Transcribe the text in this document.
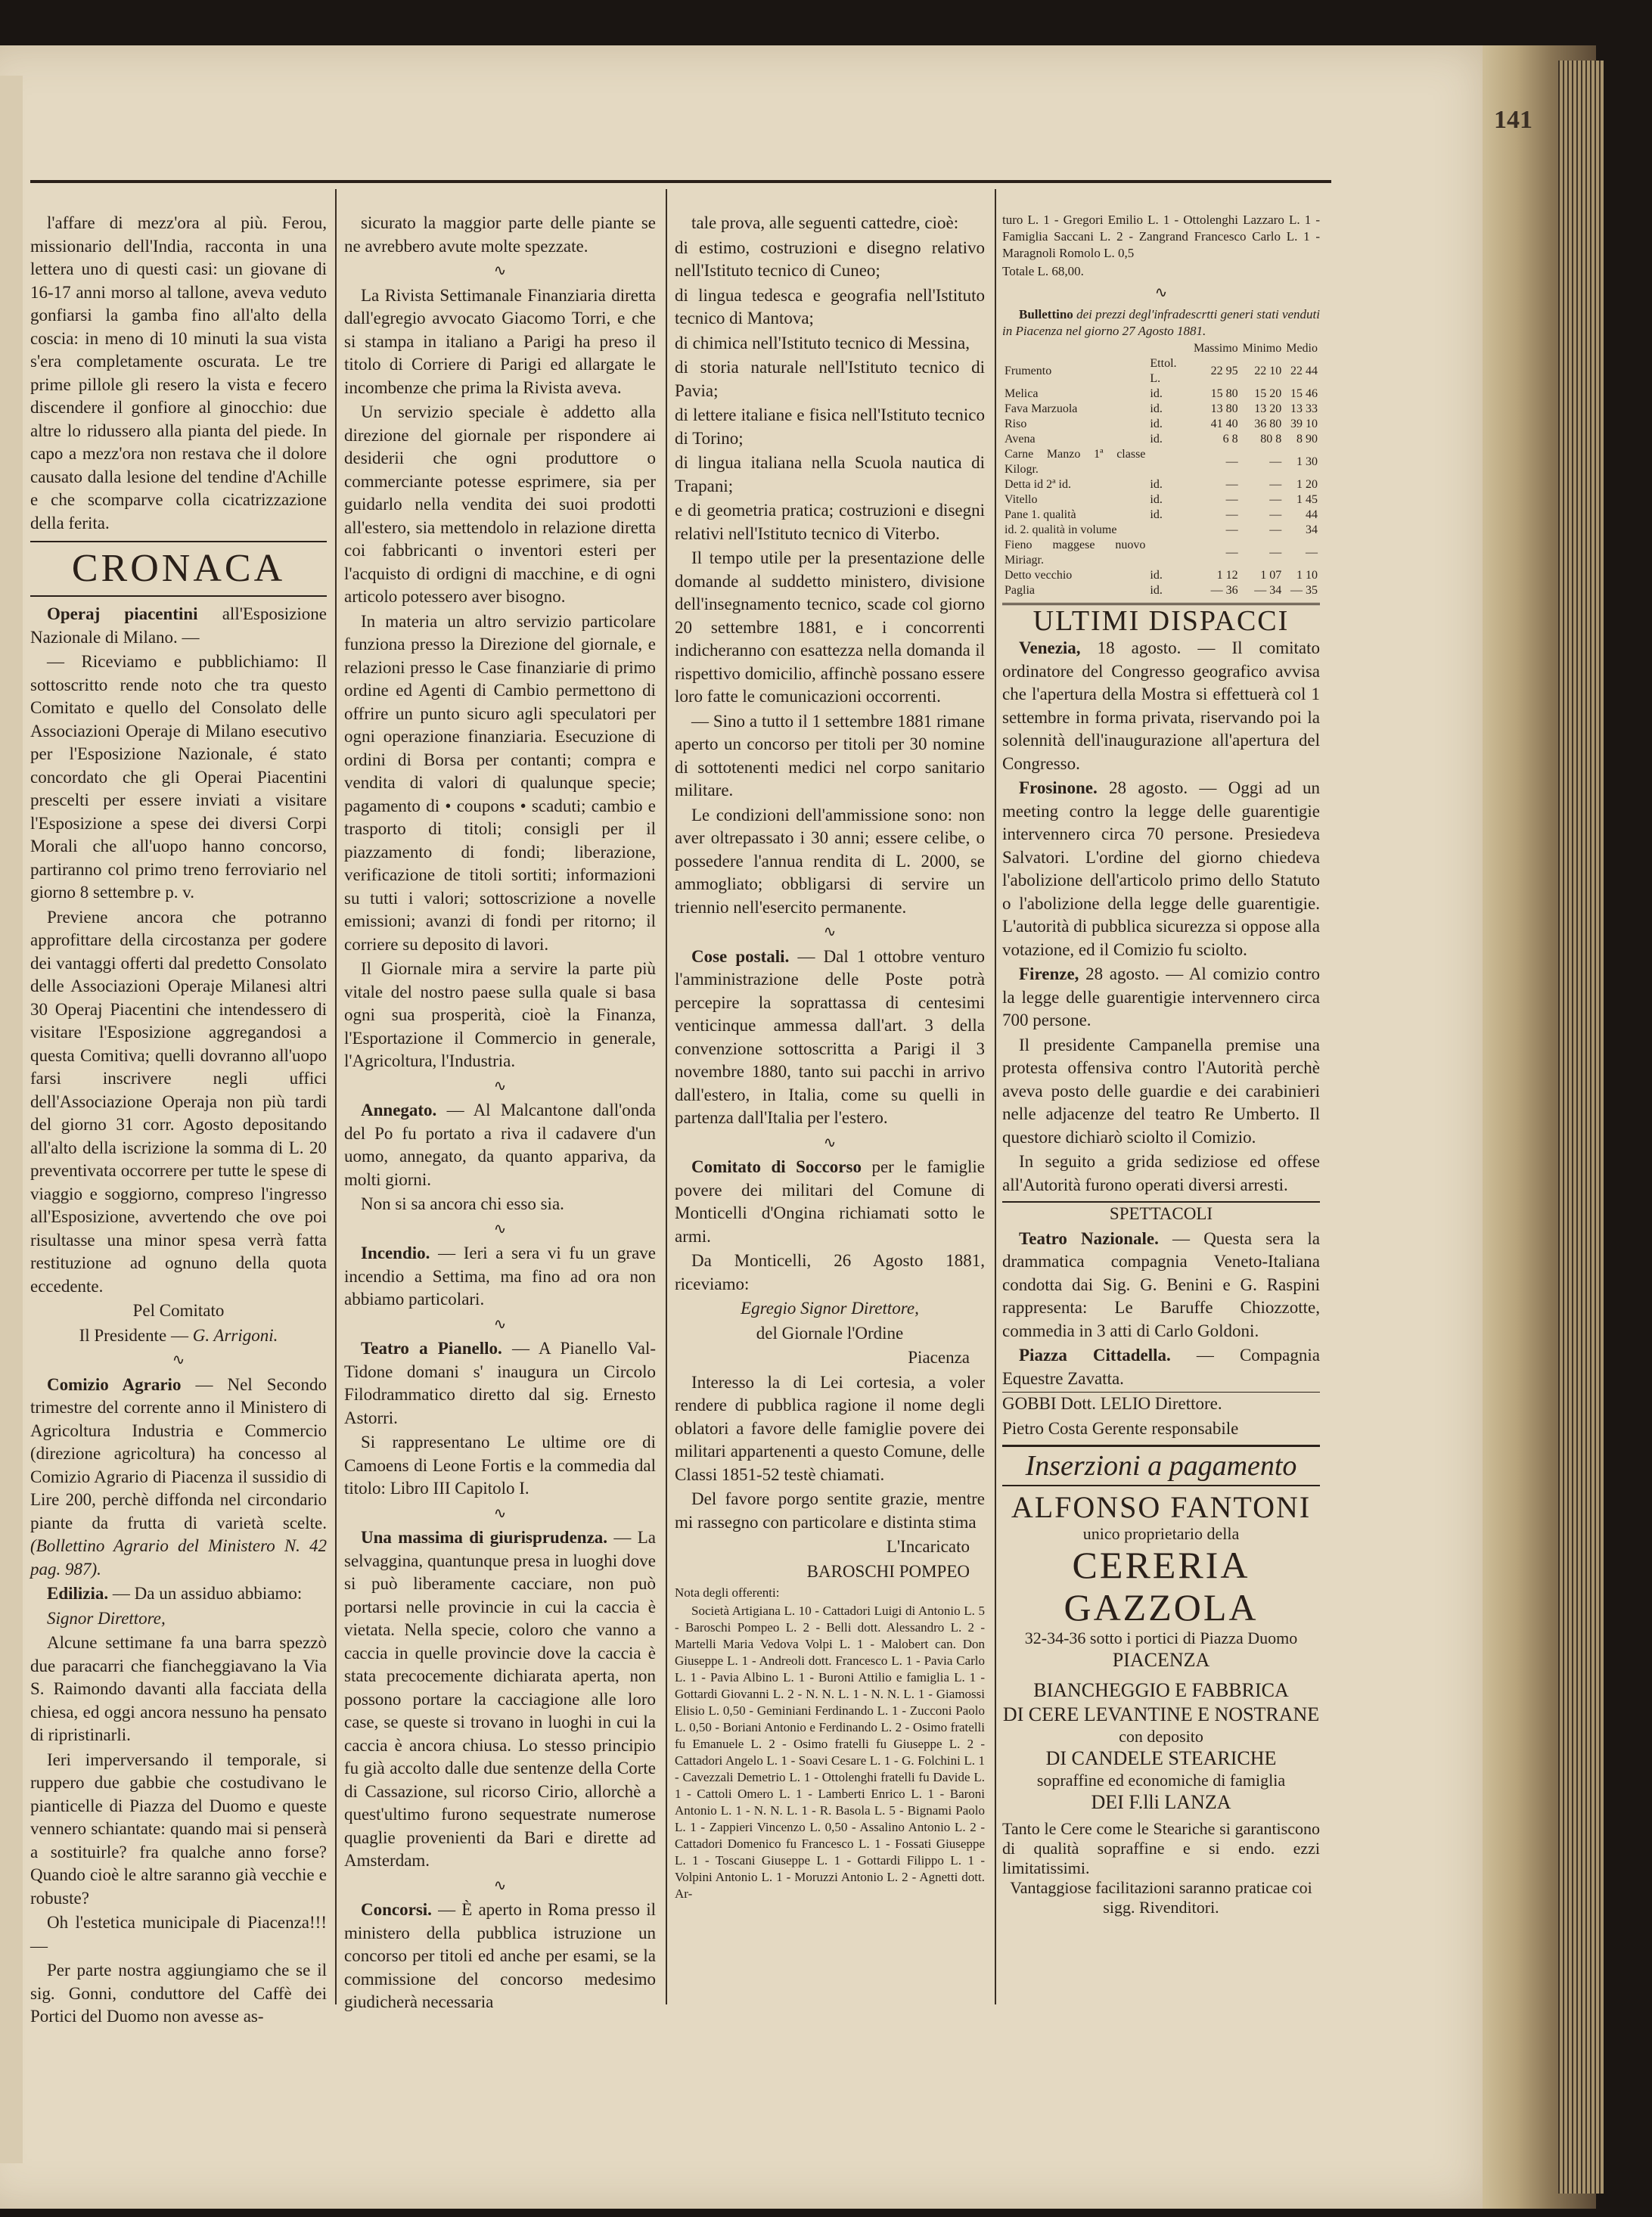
141

l'affare di mezz'ora al più. Ferou, missionario dell'India, racconta in una lettera uno di questi casi: un giovane di 16-17 anni morso al tallone, aveva veduto gonfiarsi la gamba fino all'alto della coscia: in meno di 10 minuti la sua vista s'era completamente oscurata. Le tre prime pillole gli resero la vista e fecero discendere il gonfiore al ginocchio: due altre lo ridussero alla pianta del piede. In capo a mezz'ora non restava che il dolore causato dalla lesione del tendine d'Achille e che scomparve colla cicatrizzazione della ferita.

CRONACA

Operaj piacentini all'Esposizione Nazionale di Milano. —

— Riceviamo e pubblichiamo: Il sottoscritto rende noto che tra questo Comitato e quello del Consolato delle Associazioni Operaje di Milano esecutivo per l'Esposizione Nazionale, é stato concordato che gli Operai Piacentini prescelti per essere inviati a visitare l'Esposizione a spese dei diversi Corpi Morali che all'uopo hanno concorso, partiranno col primo treno ferroviario nel giorno 8 settembre p. v.

Previene ancora che potranno approfittare della circostanza per godere dei vantaggi offerti dal predetto Consolato delle Associazioni Operaje Milanesi altri 30 Operaj Piacentini che intendessero di visitare l'Esposizione aggregandosi a questa Comitiva; quelli dovranno all'uopo farsi inscrivere negli uffici dell'Associazione Operaja non più tardi del giorno 31 corr. Agosto depositando all'alto della iscrizione la somma di L. 20 preventivata occorrere per tutte le spese di viaggio e soggiorno, compreso l'ingresso all'Esposizione, avvertendo che ove poi risultasse una minor spesa verrà fatta restituzione ad ognuno della quota eccedente.

Pel Comitato

Il Presidente — G. Arrigoni.

∿

Comizio Agrario — Nel Secondo trimestre del corrente anno il Ministero di Agricoltura Industria e Commercio (direzione agricoltura) ha concesso al Comizio Agrario di Piacenza il sussidio di Lire 200, perchè diffonda nel circondario piante da frutta di varietà scelte. (Bollettino Agrario del Ministero N. 42 pag. 987).

Edilizia. — Da un assiduo abbiamo:

Signor Direttore,

Alcune settimane fa una barra spezzò due paracarri che fiancheggiavano la Via S. Raimondo davanti alla facciata della chiesa, ed oggi ancora nessuno ha pensato di ripristinarli.

Ieri imperversando il temporale, si ruppero due gabbie che costudivano le pianticelle di Piazza del Duomo e queste vennero schiantate: quando mai si penserà a sostituirle? fra qualche anno forse? Quando cioè le altre saranno già vecchie e robuste?

Oh l'estetica municipale di Piacenza!!! —

Per parte nostra aggiungiamo che se il sig. Gonni, conduttore del Caffè dei Portici del Duomo non avesse as-

sicurato la maggior parte delle piante se ne avrebbero avute molte spezzate.

∿

La Rivista Settimanale Finanziaria diretta dall'egregio avvocato Giacomo Torri, e che si stampa in italiano a Parigi ha preso il titolo di Corriere di Parigi ed allargate le incombenze che prima la Rivista aveva.

Un servizio speciale è addetto alla direzione del giornale per rispondere ai desiderii che ogni produttore o commerciante potesse esprimere, sia per guidarlo nella vendita dei suoi prodotti all'estero, sia mettendolo in relazione diretta coi fabbricanti o inventori esteri per l'acquisto di ordigni di macchine, e di ogni articolo potessero aver bisogno.

In materia un altro servizio particolare funziona presso la Direzione del giornale, e relazioni presso le Case finanziarie di primo ordine ed Agenti di Cambio permettono di offrire un punto sicuro agli speculatori per ogni operazione finanziaria. Esecuzione di ordini di Borsa per contanti; compra e vendita di valori di qualunque specie; pagamento di • coupons • scaduti; cambio e trasporto di titoli; consigli per il piazzamento di fondi; liberazione, verificazione de titoli sortiti; informazioni su tutti i valori; sottoscrizione a novelle emissioni; avanzi di fondi per ritorno; il corriere su deposito di lavori.

Il Giornale mira a servire la parte più vitale del nostro paese sulla quale si basa ogni sua prosperità, cioè la Finanza, l'Esportazione il Commercio in generale, l'Agricoltura, l'Industria.

∿

Annegato. — Al Malcantone dall'onda del Po fu portato a riva il cadavere d'un uomo, annegato, da quanto appariva, da molti giorni.

Non si sa ancora chi esso sia.

∿

Incendio. — Ieri a sera vi fu un grave incendio a Settima, ma fino ad ora non abbiamo particolari.

∿

Teatro a Pianello. — A Pianello Val-Tidone domani s' inaugura un Circolo Filodrammatico diretto dal sig. Ernesto Astorri.

Si rappresentano Le ultime ore di Camoens di Leone Fortis e la commedia dal titolo: Libro III Capitolo I.

∿

Una massima di giurisprudenza. — La selvaggina, quantunque presa in luoghi dove si può liberamente cacciare, non può portarsi nelle provincie in cui la caccia è vietata. Nella specie, coloro che vanno a caccia in quelle provincie dove la caccia è stata precocemente dichiarata aperta, non possono portare la cacciagione alle loro case, se queste si trovano in luoghi in cui la caccia è ancora chiusa. Lo stesso principio fu già accolto dalle due sentenze della Corte di Cassazione, sul ricorso Cirio, allorchè a quest'ultimo furono sequestrate numerose quaglie provenienti da Bari e dirette ad Amsterdam.

∿

Concorsi. — È aperto in Roma presso il ministero della pubblica istruzione un concorso per titoli ed anche per esami, se la commissione del concorso medesimo giudicherà necessaria

tale prova, alle seguenti cattedre, cioè:

di estimo, costruzioni e disegno relativo nell'Istituto tecnico di Cuneo;

di lingua tedesca e geografia nell'Istituto tecnico di Mantova;

di chimica nell'Istituto tecnico di Messina,

di storia naturale nell'Istituto tecnico di Pavia;

di lettere italiane e fisica nell'Istituto tecnico di Torino;

di lingua italiana nella Scuola nautica di Trapani;

e di geometria pratica; costruzioni e disegni relativi nell'Istituto tecnico di Viterbo.

Il tempo utile per la presentazione delle domande al suddetto ministero, divisione dell'insegnamento tecnico, scade col giorno 20 settembre 1881, e i concorrenti indicheranno con esattezza nella domanda il rispettivo domicilio, affinchè possano essere loro fatte le comunicazioni occorrenti.

— Sino a tutto il 1 settembre 1881 rimane aperto un concorso per titoli per 30 nomine di sottotenenti medici nel corpo sanitario militare.

Le condizioni dell'ammissione sono: non aver oltrepassato i 30 anni; essere celibe, o possedere l'annua rendita di L. 2000, se ammogliato; obbligarsi di servire un triennio nell'esercito permanente.

∿

Cose postali. — Dal 1 ottobre venturo l'amministrazione delle Poste potrà percepire la soprattassa di centesimi venticinque ammessa dall'art. 3 della convenzione sottoscritta a Parigi il 3 novembre 1880, tanto sui pacchi in arrivo dall'estero, in Italia, come su quelli in partenza dall'Italia per l'estero.

∿

Comitato di Soccorso per le famiglie povere dei militari del Comune di Monticelli d'Ongina richiamati sotto le armi.

Da Monticelli, 26 Agosto 1881, riceviamo:

Egregio Signor Direttore,

del Giornale l'Ordine

Piacenza

Interesso la di Lei cortesia, a voler rendere di pubblica ragione il nome degli oblatori a favore delle famiglie povere dei militari appartenenti a questo Comune, delle Classi 1851-52 testè chiamati.

Del favore porgo sentite grazie, mentre mi rassegno con particolare e distinta stima

L'Incaricato

BAROSCHI POMPEO

Nota degli offerenti:

Società Artigiana L. 10 - Cattadori Luigi di Antonio L. 5 - Baroschi Pompeo L. 2 - Belli dott. Alessandro L. 2 - Martelli Maria Vedova Volpi L. 1 - Malobert can. Don Giuseppe L. 1 - Andreoli dott. Francesco L. 1 - Pavia Carlo L. 1 - Pavia Albino L. 1 - Buroni Attilio e famiglia L. 1 - Gottardi Giovanni L. 2 - N. N. L. 1 - N. N. L. 1 - Giamossi Elisio L. 0,50 - Geminiani Ferdinando L. 1 - Zucconi Paolo L. 0,50 - Boriani Antonio e Ferdinando L. 2 - Osimo fratelli fu Emanuele L. 2 - Osimo fratelli fu Giuseppe L. 2 - Cattadori Angelo L. 1 - Soavi Cesare L. 1 - G. Folchini L. 1 - Cavezzali Demetrio L. 1 - Ottolenghi fratelli fu Davide L. 1 - Cattoli Omero L. 1 - Lamberti Enrico L. 1 - Baroni Antonio L. 1 - N. N. L. 1 - R. Basola L. 5 - Bignami Paolo L. 1 - Zappieri Vincenzo L. 0,50 - Assalino Antonio L. 2 - Cattadori Domenico fu Francesco L. 1 - Fossati Giuseppe L. 1 - Toscani Giuseppe L. 1 - Gottardi Filippo L. 1 - Volpini Antonio L. 1 - Moruzzi Antonio L. 2 - Agnetti dott. Ar-

turo L. 1 - Gregori Emilio L. 1 - Ottolenghi Lazzaro L. 1 - Famiglia Saccani L. 2 - Zangrand Francesco Carlo L. 1 - Maragnoli Romolo L. 0,5

Totale L. 68,00.

∿

Bullettino dei prezzi degl'infradescrtti generi stati venduti in Piacenza nel giorno 27 Agosto 1881.

		Massimo	Minimo	Medio
Frumento	Ettol. L.	22 95	22 10	22 44
Melica	id.	15 80	15 20	15 46
Fava Marzuola	id.	13 80	13 20	13 33
Riso	id.	41 40	36 80	39 10
Avena	id.	6 8	80 8	8 90
Carne Manzo 1ª classe Kilogr.		—	—	1 30
Detta id 2ª id.	id.	—	—	1 20
Vitello	id.	—	—	1 45
Pane 1. qualità	id.	—	—	44
id. 2. qualità in volume		—	—	34
Fieno maggese nuovo Miriagr.		—	—	—
Detto vecchio	id.	1 12	1 07	1 10
Paglia	id.	— 36	— 34	— 35
ULTIMI DISPACCI

Venezia, 18 agosto. — Il comitato ordinatore del Congresso geografico avvisa che l'apertura della Mostra si effettuerà col 1 settembre in forma privata, riservando poi la solennità dell'inaugurazione all'apertura del Congresso.

Frosinone. 28 agosto. — Oggi ad un meeting contro la legge delle guarentigie intervennero circa 70 persone. Presiedeva Salvatori. L'ordine del giorno chiedeva l'abolizione dell'articolo primo dello Statuto o l'abolizione della legge delle guarentigie. L'autorità di pubblica sicurezza si oppose alla votazione, ed il Comizio fu sciolto.

Firenze, 28 agosto. — Al comizio contro la legge delle guarentigie intervennero circa 700 persone.

Il presidente Campanella premise una protesta offensiva contro l'Autorità perchè aveva posto delle guardie e dei carabinieri nelle adjacenze del teatro Re Umberto. Il questore dichiarò sciolto il Comizio.

In seguito a grida sediziose ed offese all'Autorità furono operati diversi arresti.

SPETTACOLI

Teatro Nazionale. — Questa sera la drammatica compagnia Veneto-Italiana condotta dai Sig. G. Benini e G. Raspini rappresenta: Le Baruffe Chiozzotte, commedia in 3 atti di Carlo Goldoni.

Piazza Cittadella. — Compagnia Equestre Zavatta.

GOBBI Dott. LELIO Direttore.

Pietro Costa Gerente responsabile

Inserzioni a pagamento
ALFONSO FANTONI
unico proprietario della
CERERIA GAZZOLA
32-34-36 sotto i portici di Piazza Duomo
PIACENZA
BIANCHEGGIO E FABBRICA
DI CERE LEVANTINE E NOSTRANE
con deposito
DI CANDELE STEARICHE
sopraffine ed economiche di famiglia
DEI F.lli LANZA
Tanto le Cere come le Steariche si garantiscono di qualità sopraffine e si endo. ezzi limitatissimi.
Vantaggiose facilitazioni saranno praticae coi sigg. Rivenditori.
